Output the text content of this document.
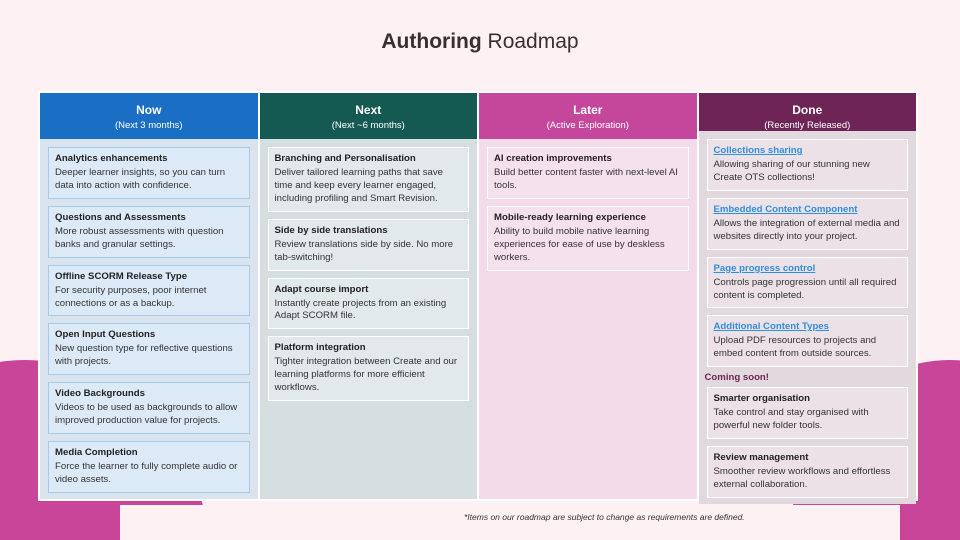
Authoring Roadmap
Now
(Next 3 months)
Analytics enhancements
Deeper learner insights, so you can turn data into action with confidence.
Questions and Assessments
More robust assessments with question banks and granular settings.
Offline SCORM Release Type
For security purposes, poor internet connections or as a backup.
Open Input Questions
New question type for reflective questions with projects.
Video Backgrounds
Videos to be used as backgrounds to allow improved production value for projects.
Media Completion
Force the learner to fully complete audio or video assets.
Next
(Next ~6 months)
Branching and Personalisation
Deliver tailored learning paths that save time and keep every learner engaged, including profiling and Smart Revision.
Side by side translations
Review translations side by side. No more tab-switching!
Adapt course import
Instantly create projects from an existing Adapt SCORM file.
Platform integration
Tighter integration between Create and our learning platforms for more efficient workflows.
Later
(Active Exploration)
AI creation improvements
Build better content faster with next-level AI tools.
Mobile-ready learning experience
Ability to build mobile native learning experiences for ease of use by deskless workers.
Done
(Recently Released)
Collections sharing
Allowing sharing of our stunning new Create OTS collections!
Embedded Content Component
Allows the integration of external media and websites directly into your project.
Page progress control
Controls page progression until all required content is completed.
Additional Content Types
Upload PDF resources to projects and embed content from outside sources.
Coming soon!
Smarter organisation
Take control and stay organised with powerful new folder tools.
Review management
Smoother review workflows and effortless external collaboration.
*Items on our roadmap are subject to change as requirements are defined.
